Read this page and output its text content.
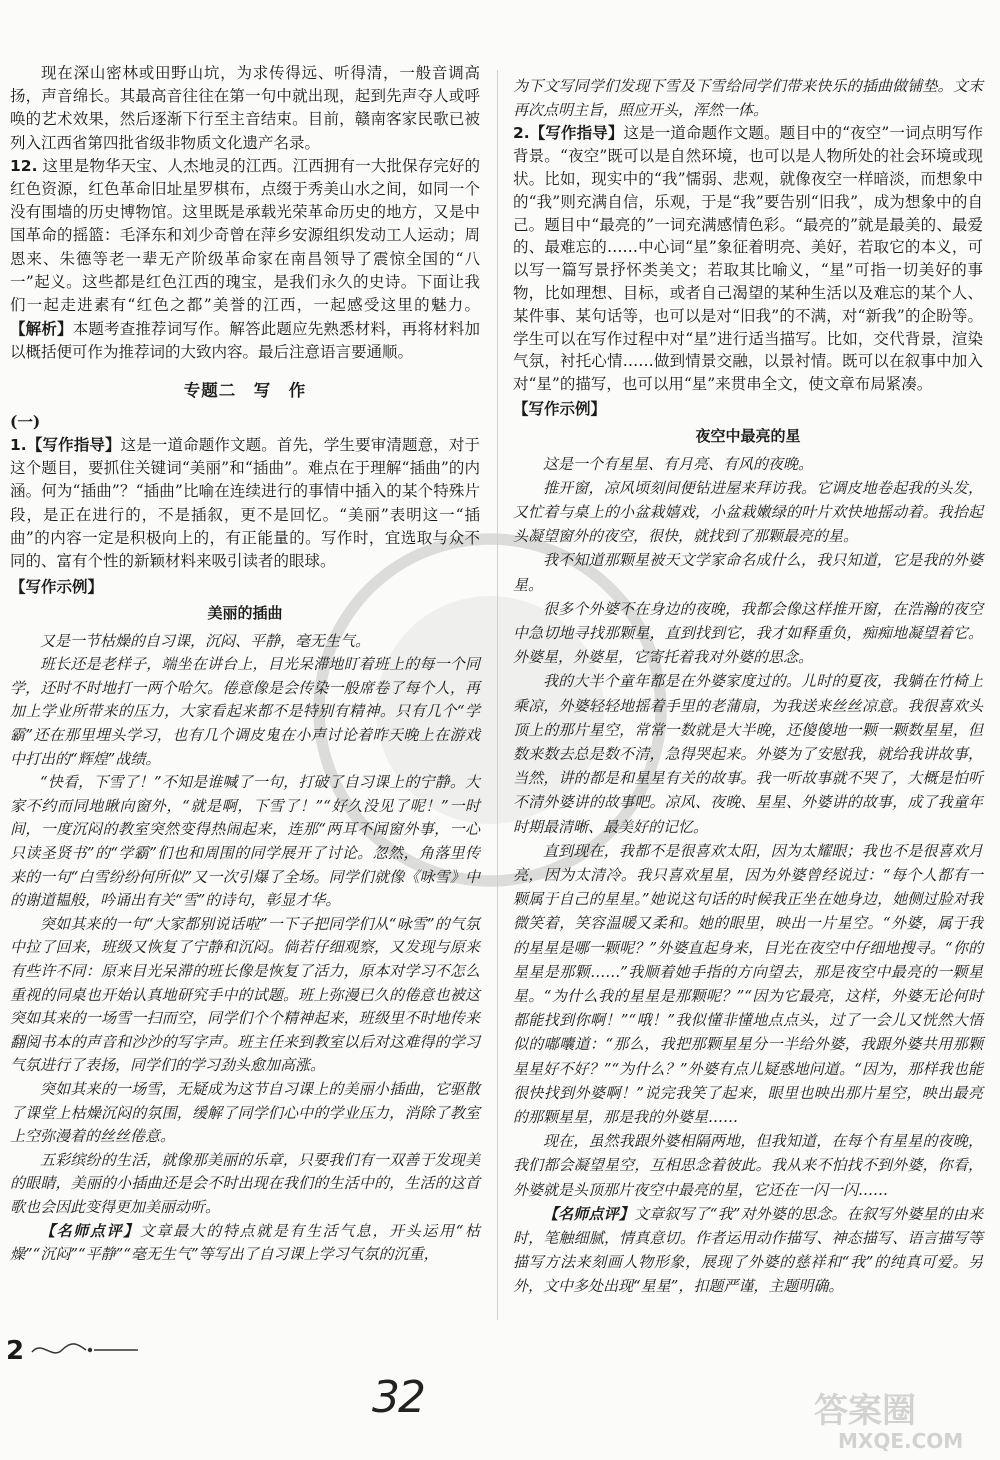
现在深山密林或田野山坑，为求传得远、听得清，一般音调高扬，声音绵长。其最高音往往在第一句中就出现，起到先声夺人或呼唤的艺术效果，然后逐渐下行至主音结束。目前，赣南客家民歌已被列入江西省第四批省级非物质文化遗产名录。

12. 这里是物华天宝、人杰地灵的江西。江西拥有一大批保存完好的红色资源，红色革命旧址星罗棋布，点缀于秀美山水之间，如同一个没有围墙的历史博物馆。这里既是承载光荣革命历史的地方，又是中国革命的摇篮：毛泽东和刘少奇曾在萍乡安源组织发动工人运动；周恩来、朱德等老一辈无产阶级革命家在南昌领导了震惊全国的“八一”起义。这些都是红色江西的瑰宝，是我们永久的史诗。下面让我们一起走进素有“红色之都”美誉的江西，一起感受这里的魅力。 【解析】本题考查推荐词写作。解答此题应先熟悉材料，再将材料加以概括便可作为推荐词的大致内容。最后注意语言要通顺。

专题二　写　作
(一)

1.【写作指导】这是一道命题作文题。首先，学生要审清题意，对于这个题目，要抓住关键词“美丽”和“插曲”。难点在于理解“插曲”的内涵。何为“插曲”？“插曲”比喻在连续进行的事情中插入的某个特殊片段，是正在进行的，不是插叙，更不是回忆。“美丽”表明这一“插曲”的内容一定是积极向上的，有正能量的。写作时，宜选取与众不同的、富有个性的新颖材料来吸引读者的眼球。

【写作示例】
美丽的插曲

又是一节枯燥的自习课，沉闷、平静，毫无生气。

班长还是老样子，端坐在讲台上，目光呆滞地盯着班上的每一个同学，还时不时地打一两个哈欠。倦意像是会传染一般席卷了每个人，再加上学业所带来的压力，大家看起来都不是特别有精神。只有几个“学霸”还在那里埋头学习，也有几个调皮鬼在小声讨论着昨天晚上在游戏中打出的“辉煌”战绩。

“快看，下雪了！”不知是谁喊了一句，打破了自习课上的宁静。大家不约而同地瞅向窗外，“就是啊，下雪了！”“好久没见了呢！”一时间，一度沉闷的教室突然变得热闹起来，连那“两耳不闻窗外事，一心只读圣贤书”的“学霸”们也和周围的同学展开了讨论。忽然，角落里传来的一句“白雪纷纷何所似”又一次引爆了全场。同学们就像《咏雪》中的谢道韫般，吟诵出有关“雪”的诗句，彰显才华。

突如其来的一句“大家都别说话啦”一下子把同学们从“咏雪”的气氛中拉了回来，班级又恢复了宁静和沉闷。倘若仔细观察，又发现与原来有些许不同：原来目光呆滞的班长像是恢复了活力，原本对学习不怎么重视的同桌也开始认真地研究手中的试题。班上弥漫已久的倦意也被这突如其来的一场雪一扫而空，同学们个个精神起来，班级里不时地传来翻阅书本的声音和沙沙的写字声。班主任来到教室以后对这难得的学习气氛进行了表扬，同学们的学习劲头愈加高涨。

突如其来的一场雪，无疑成为这节自习课上的美丽小插曲，它驱散了课堂上枯燥沉闷的氛围，缓解了同学们心中的学业压力，消除了教室上空弥漫着的丝丝倦意。

五彩缤纷的生活，就像那美丽的乐章，只要我们有一双善于发现美的眼睛，美丽的小插曲还是会不时出现在我们的生活中的，生活的这首歌也会因此变得更加美丽动听。

【名师点评】文章最大的特点就是有生活气息，开头运用“枯燥”“沉闷”“平静”“毫无生气”等写出了自习课上学习气氛的沉重，

为下文写同学们发现下雪及下雪给同学们带来快乐的插曲做铺垫。文末再次点明主旨，照应开头，浑然一体。

2.【写作指导】这是一道命题作文题。题目中的“夜空”一词点明写作背景。“夜空”既可以是自然环境，也可以是人物所处的社会环境或现状。比如，现实中的“我”懦弱、悲观，就像夜空一样暗淡，而想象中的“我”则充满自信，乐观，于是“我”要告别“旧我”，成为想象中的自己。题目中“最亮的”一词充满感情色彩。“最亮的”就是最美的、最爱的、最难忘的……中心词“星”象征着明亮、美好，若取它的本义，可以写一篇写景抒怀类美文；若取其比喻义，“星”可指一切美好的事物，比如理想、目标，或者自己渴望的某种生活以及难忘的某个人、某件事、某句话等，也可以是对“旧我”的不满，对“新我”的企盼等。学生可以在写作过程中对“星”进行适当描写。比如，交代背景，渲染气氛，衬托心情……做到情景交融，以景衬情。既可以在叙事中加入对“星”的描写，也可以用“星”来贯串全文，使文章布局紧凑。

【写作示例】
夜空中最亮的星

这是一个有星星、有月亮、有风的夜晚。

推开窗，凉风顷刻间便钻进屋来拜访我。它调皮地卷起我的头发，又忙着与桌上的小盆栽嬉戏，小盆栽嫩绿的叶片欢快地摇动着。我抬起头凝望窗外的夜空，很快，就找到了那颗最亮的星。

我不知道那颗星被天文学家命名成什么，我只知道，它是我的外婆星。

很多个外婆不在身边的夜晚，我都会像这样推开窗，在浩瀚的夜空中急切地寻找那颗星，直到找到它，我才如释重负，痴痴地凝望着它。外婆星，外婆星，它寄托着我对外婆的思念。

我的大半个童年都是在外婆家度过的。儿时的夏夜，我躺在竹椅上乘凉，外婆轻轻地摇着手里的老蒲扇，为我送来丝丝凉意。我很喜欢头顶上的那片星空，常常一数就是大半晚，还傻傻地一颗一颗数星星，但数来数去总是数不清，急得哭起来。外婆为了安慰我，就给我讲故事，当然，讲的都是和星星有关的故事。我一听故事就不哭了，大概是怕听不清外婆讲的故事吧。凉风、夜晚、星星、外婆讲的故事，成了我童年时期最清晰、最美好的记忆。

直到现在，我都不是很喜欢太阳，因为太耀眼；我也不是很喜欢月亮，因为太清冷。我只喜欢星星，因为外婆曾经说过：“每个人都有一颗属于自己的星星。”她说这句话的时候我正坐在她身边，她侧过脸对我微笑着，笑容温暖又柔和。她的眼里，映出一片星空。“外婆，属于我的星星是哪一颗呢？”外婆直起身来，目光在夜空中仔细地搜寻。“你的星星是那颗……”我顺着她手指的方向望去，那是夜空中最亮的一颗星星。“为什么我的星星是那颗呢？”“因为它最亮，这样，外婆无论何时都能找到你啊！”“哦！”我似懂非懂地点点头，过了一会儿又恍然大悟似的嘟囔道：“那么，我把那颗星星分一半给外婆，我跟外婆共用那颗星星好不好？”“为什么？”外婆有点儿疑惑地问道。“因为，那样我也能很快找到外婆啊！”说完我笑了起来，眼里也映出那片星空，映出最亮的那颗星星，那是我的外婆星……

现在，虽然我跟外婆相隔两地，但我知道，在每个有星星的夜晚，我们都会凝望星空，互相思念着彼此。我从来不怕找不到外婆，你看，外婆就是头顶那片夜空中最亮的星，它还在一闪一闪……

【名师点评】文章叙写了“我”对外婆的思念。在叙写外婆星的由来时，笔触细腻，情真意切。作者运用动作描写、神态描写、语言描写等描写方法来刻画人物形象，展现了外婆的慈祥和“我”的纯真可爱。另外，文中多处出现“星星”，扣题严谨，主题明确。

2
32	答案圈
MXQE.COM
